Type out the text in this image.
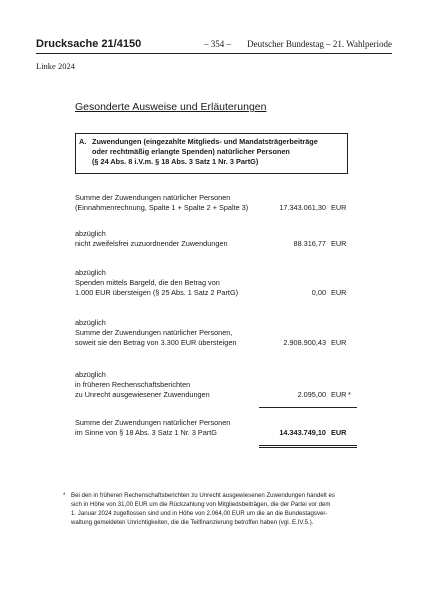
Drucksache 21/4150	– 354 – Deutscher Bundestag – 21. Wahlperiode
Linke 2024
Gesonderte Ausweise und Erläuterungen
A. Zuwendungen (eingezahlte Mitglieds- und Mandatsträgerbeiträge
oder rechtmäßig erlangte Spenden) natürlicher Personen
(§ 24 Abs. 8 i.V.m. § 18 Abs. 3 Satz 1 Nr. 3 PartG)
Summe der Zuwendungen natürlicher Personen
(Einnahmenrechnung, Spalte 1 + Spalte 2 + Spalte 3)	17.343.061,30 EUR
abzüglich
nicht zweifelsfrei zuzuordnender Zuwendungen	88.316,77 EUR
abzüglich
Spenden mittels Bargeld, die den Betrag von
1.000 EUR übersteigen (§ 25 Abs. 1 Satz 2 PartG)	0,00 EUR
abzüglich
Summe der Zuwendungen natürlicher Personen,
soweit sie den Betrag von 3.300 EUR übersteigen	2.908.900,43 EUR
abzüglich
in früheren Rechenschaftsberichten
zu Unrecht ausgewiesener Zuwendungen	2.095,00 EUR *
Summe der Zuwendungen natürlicher Personen
im Sinne von § 18 Abs. 3 Satz 1 Nr. 3 PartG	14.343.749,10 EUR
* Bei den in früheren Rechenschaftsberichten zu Unrecht ausgewiesenen Zuwendungen handelt es
sich in Höhe von 31,00 EUR um die Rückzahlung von Mitgliedsbeiträgen, die der Partei vor dem
1. Januar 2024 zugeflossen sind und in Höhe von 2.064,00 EUR um die an die Bundestagsver-
waltung gemeldeten Unrichtigkeiten, die die Teilfinanzierung betroffen haben (vgl. E.IV.5.).
